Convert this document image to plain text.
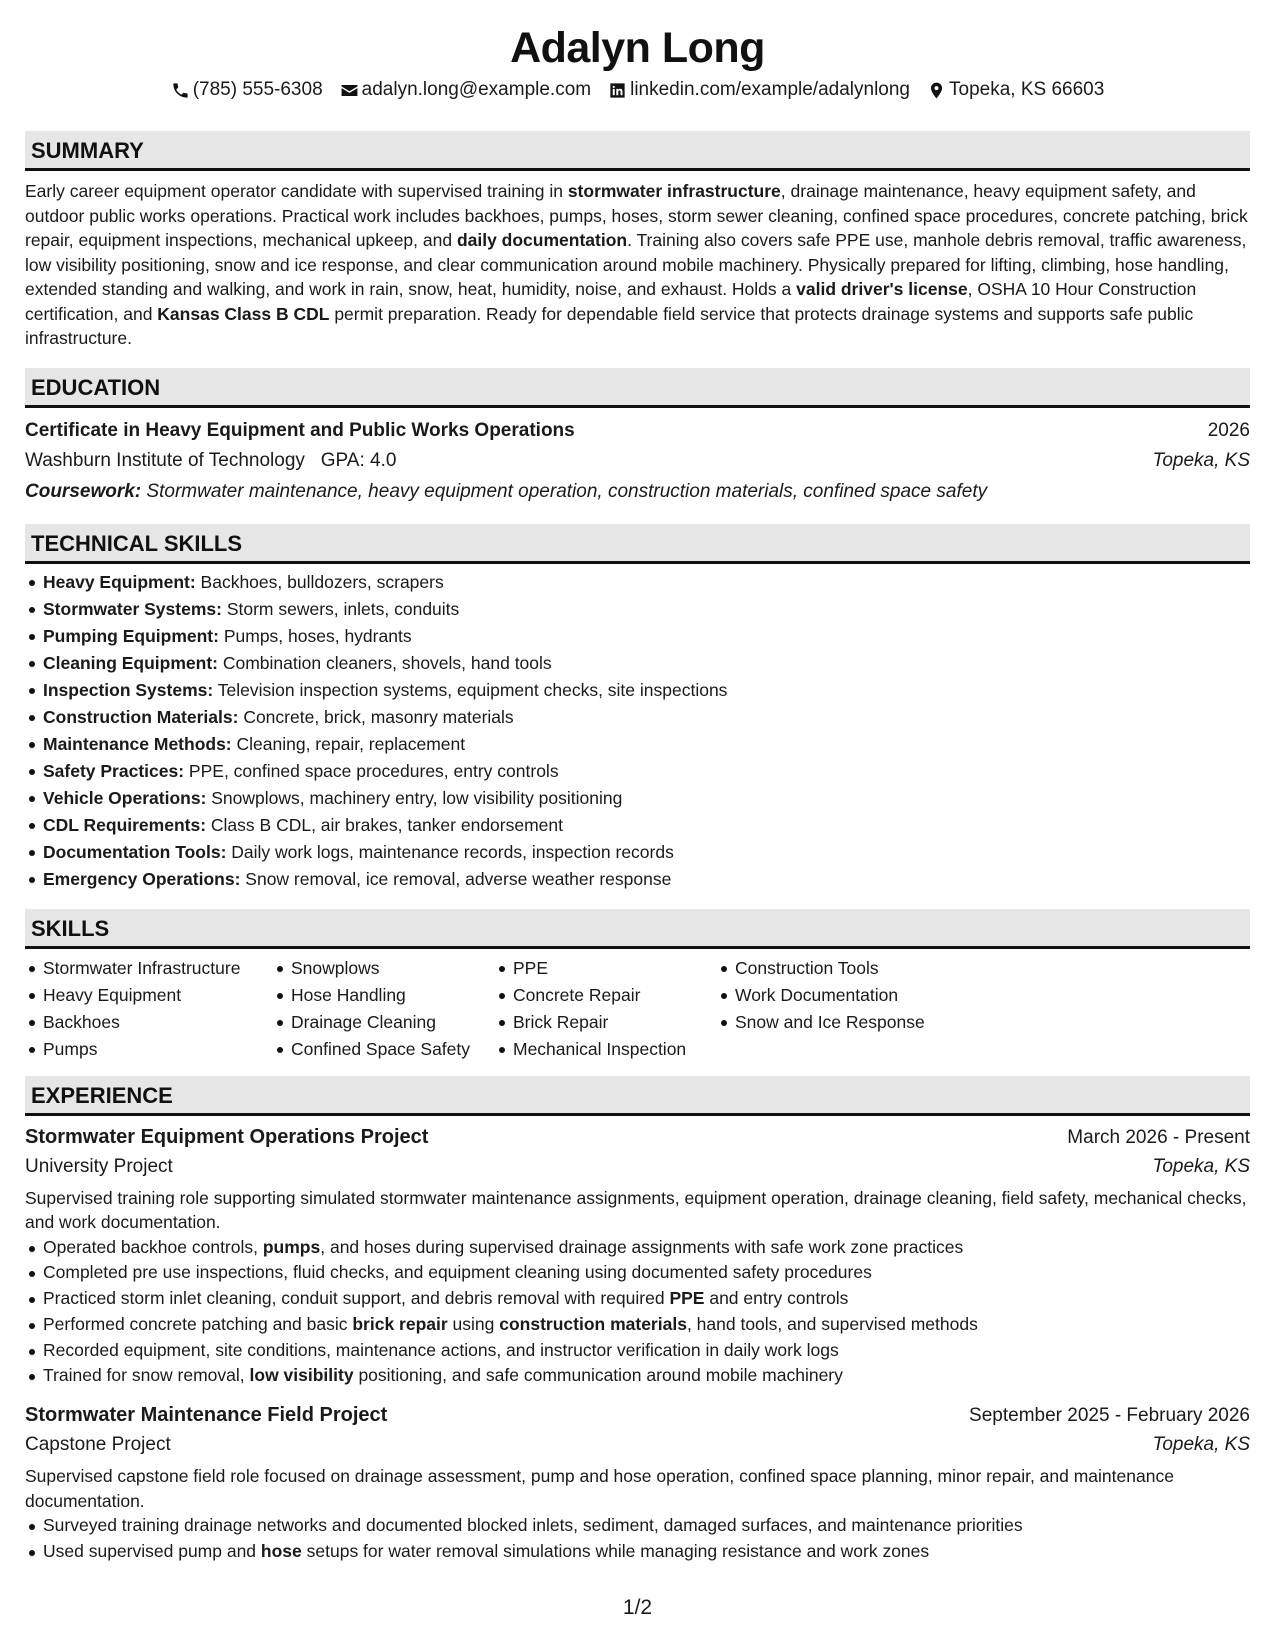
Adalyn Long
(785) 555-6308 adalyn.long@example.com linkedin.com/example/adalynlong Topeka, KS 66603
SUMMARY

Early career equipment operator candidate with supervised training in stormwater infrastructure, drainage maintenance, heavy equipment safety, and outdoor public works operations. Practical work includes backhoes, pumps, hoses, storm sewer cleaning, confined space procedures, concrete patching, brick repair, equipment inspections, mechanical upkeep, and daily documentation. Training also covers safe PPE use, manhole debris removal, traffic awareness, low visibility positioning, snow and ice response, and clear communication around mobile machinery. Physically prepared for lifting, climbing, hose handling, extended standing and walking, and work in rain, snow, heat, humidity, noise, and exhaust. Holds a valid driver's license, OSHA 10 Hour Construction certification, and Kansas Class B CDL permit preparation. Ready for dependable field service that protects drainage systems and supports safe public infrastructure.

EDUCATION
Certificate in Heavy Equipment and Public Works Operations	2026
Washburn Institute of Technology GPA: 4.0	Topeka, KS
Coursework: Stormwater maintenance, heavy equipment operation, construction materials, confined space safety
TECHNICAL SKILLS
Heavy Equipment: Backhoes, bulldozers, scrapers
Stormwater Systems: Storm sewers, inlets, conduits
Pumping Equipment: Pumps, hoses, hydrants
Cleaning Equipment: Combination cleaners, shovels, hand tools
Inspection Systems: Television inspection systems, equipment checks, site inspections
Construction Materials: Concrete, brick, masonry materials
Maintenance Methods: Cleaning, repair, replacement
Safety Practices: PPE, confined space procedures, entry controls
Vehicle Operations: Snowplows, machinery entry, low visibility positioning
CDL Requirements: Class B CDL, air brakes, tanker endorsement
Documentation Tools: Daily work logs, maintenance records, inspection records
Emergency Operations: Snow removal, ice removal, adverse weather response
SKILLS
Stormwater Infrastructure
Heavy Equipment
Backhoes
Pumps
Snowplows
Hose Handling
Drainage Cleaning
Confined Space Safety
PPE
Concrete Repair
Brick Repair
Mechanical Inspection
Construction Tools
Work Documentation
Snow and Ice Response
EXPERIENCE
Stormwater Equipment Operations Project	March 2026 - Present
University Project	Topeka, KS

Supervised training role supporting simulated stormwater maintenance assignments, equipment operation, drainage cleaning, field safety, mechanical checks, and work documentation.

Operated backhoe controls, pumps, and hoses during supervised drainage assignments with safe work zone practices
Completed pre use inspections, fluid checks, and equipment cleaning using documented safety procedures
Practiced storm inlet cleaning, conduit support, and debris removal with required PPE and entry controls
Performed concrete patching and basic brick repair using construction materials, hand tools, and supervised methods
Recorded equipment, site conditions, maintenance actions, and instructor verification in daily work logs
Trained for snow removal, low visibility positioning, and safe communication around mobile machinery
Stormwater Maintenance Field Project	September 2025 - February 2026
Capstone Project	Topeka, KS

Supervised capstone field role focused on drainage assessment, pump and hose operation, confined space planning, minor repair, and maintenance documentation.

Surveyed training drainage networks and documented blocked inlets, sediment, damaged surfaces, and maintenance priorities
Used supervised pump and hose setups for water removal simulations while managing resistance and work zones
1/2
